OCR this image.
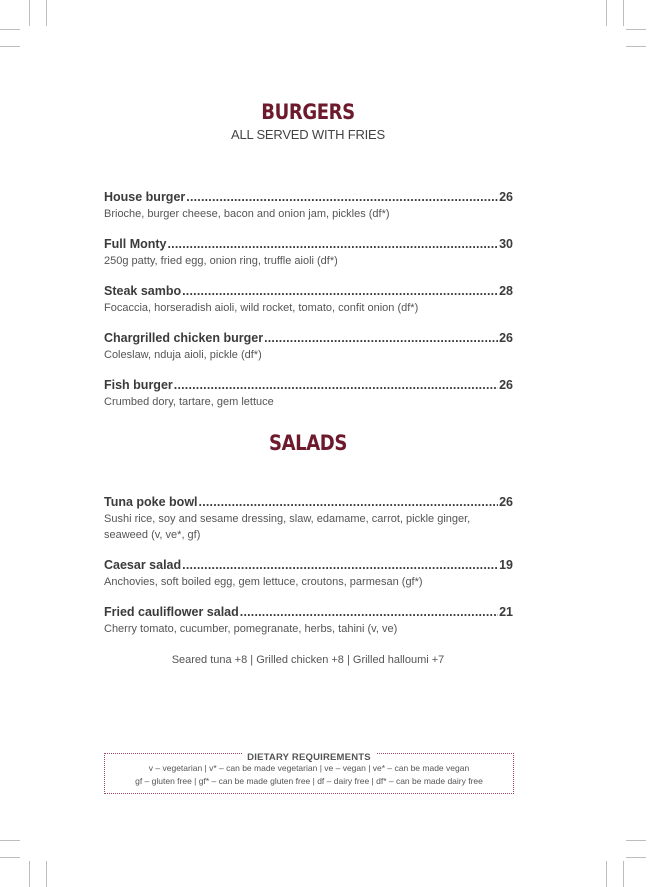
BURGERS
ALL SERVED WITH FRIES
House burger .....	26
Brioche, burger cheese, bacon and onion jam, pickles (df*)
Full Monty .....	30
250g patty, fried egg, onion ring, truffle aioli (df*)
Steak sambo .....	28
Focaccia, horseradish aioli, wild rocket, tomato, confit onion (df*)
Chargrilled chicken burger .....	26
Coleslaw, nduja aioli, pickle (df*)
Fish burger .....	26
Crumbed dory, tartare, gem lettuce
SALADS
Tuna poke bowl .....	26
Sushi rice, soy and sesame dressing, slaw, edamame, carrot, pickle ginger, seaweed (v, ve*, gf)
Caesar salad .....	19
Anchovies, soft boiled egg, gem lettuce, croutons, parmesan (gf*)
Fried cauliflower salad .....	21
Cherry tomato, cucumber, pomegranate, herbs, tahini (v, ve)
Seared tuna +8 | Grilled chicken +8 | Grilled halloumi +7
DIETARY REQUIREMENTS
v – vegetarian | v* – can be made vegetarian | ve – vegan | ve* – can be made vegan
gf – gluten free | gf* – can be made gluten free | df – dairy free | df* – can be made dairy free
